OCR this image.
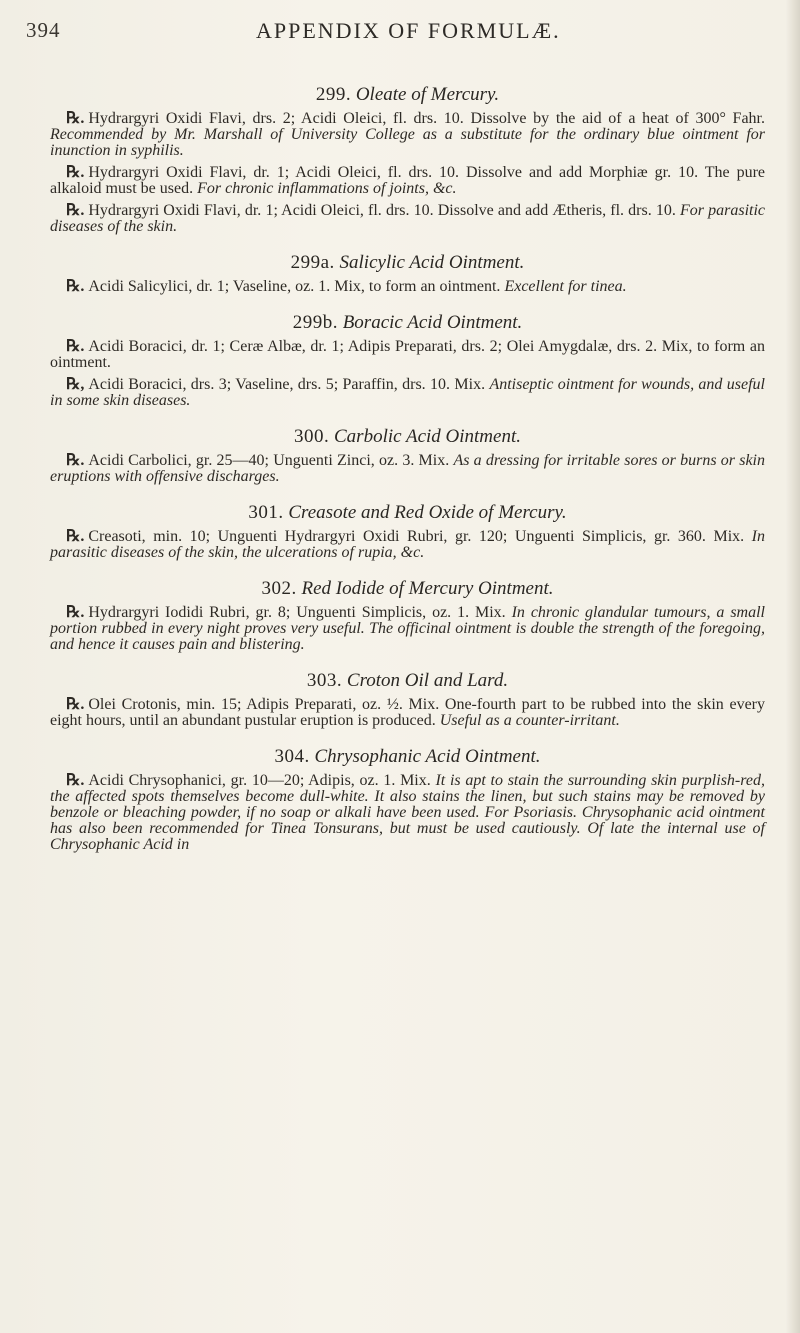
394	APPENDIX OF FORMULÆ.
299. Oleate of Mercury.

℞. Hydrargyri Oxidi Flavi, drs. 2; Acidi Oleici, fl. drs. 10. Dissolve by the aid of a heat of 300° Fahr. Recommended by Mr. Marshall of University College as a substitute for the ordinary blue ointment for inunction in syphilis.

℞. Hydrargyri Oxidi Flavi, dr. 1; Acidi Oleici, fl. drs. 10. Dissolve and add Morphiæ gr. 10. The pure alkaloid must be used. For chronic inflammations of joints, &c.

℞. Hydrargyri Oxidi Flavi, dr. 1; Acidi Oleici, fl. drs. 10. Dissolve and add Ætheris, fl. drs. 10. For parasitic diseases of the skin.

299a. Salicylic Acid Ointment.

℞. Acidi Salicylici, dr. 1; Vaseline, oz. 1. Mix, to form an ointment. Excellent for tinea.

299b. Boracic Acid Ointment.

℞. Acidi Boracici, dr. 1; Ceræ Albæ, dr. 1; Adipis Preparati, drs. 2; Olei Amygdalæ, drs. 2. Mix, to form an ointment.

℞, Acidi Boracici, drs. 3; Vaseline, drs. 5; Paraffin, drs. 10. Mix. Antiseptic ointment for wounds, and useful in some skin diseases.

300. Carbolic Acid Ointment.

℞. Acidi Carbolici, gr. 25—40; Unguenti Zinci, oz. 3. Mix. As a dressing for irritable sores or burns or skin eruptions with offensive discharges.

301. Creasote and Red Oxide of Mercury.

℞. Creasoti, min. 10; Unguenti Hydrargyri Oxidi Rubri, gr. 120; Unguenti Simplicis, gr. 360. Mix. In parasitic diseases of the skin, the ulcerations of rupia, &c.

302. Red Iodide of Mercury Ointment.

℞. Hydrargyri Iodidi Rubri, gr. 8; Unguenti Simplicis, oz. 1. Mix. In chronic glandular tumours, a small portion rubbed in every night proves very useful. The officinal ointment is double the strength of the foregoing, and hence it causes pain and blistering.

303. Croton Oil and Lard.

℞. Olei Crotonis, min. 15; Adipis Preparati, oz. ½. Mix. One-fourth part to be rubbed into the skin every eight hours, until an abundant pustular eruption is produced. Useful as a counter-irritant.

304. Chrysophanic Acid Ointment.

℞. Acidi Chrysophanici, gr. 10—20; Adipis, oz. 1. Mix. It is apt to stain the surrounding skin purplish-red, the affected spots themselves become dull-white. It also stains the linen, but such stains may be removed by benzole or bleaching powder, if no soap or alkali have been used. For Psoriasis. Chrysophanic acid ointment has also been recommended for Tinea Tonsurans, but must be used cautiously. Of late the internal use of Chrysophanic Acid in
